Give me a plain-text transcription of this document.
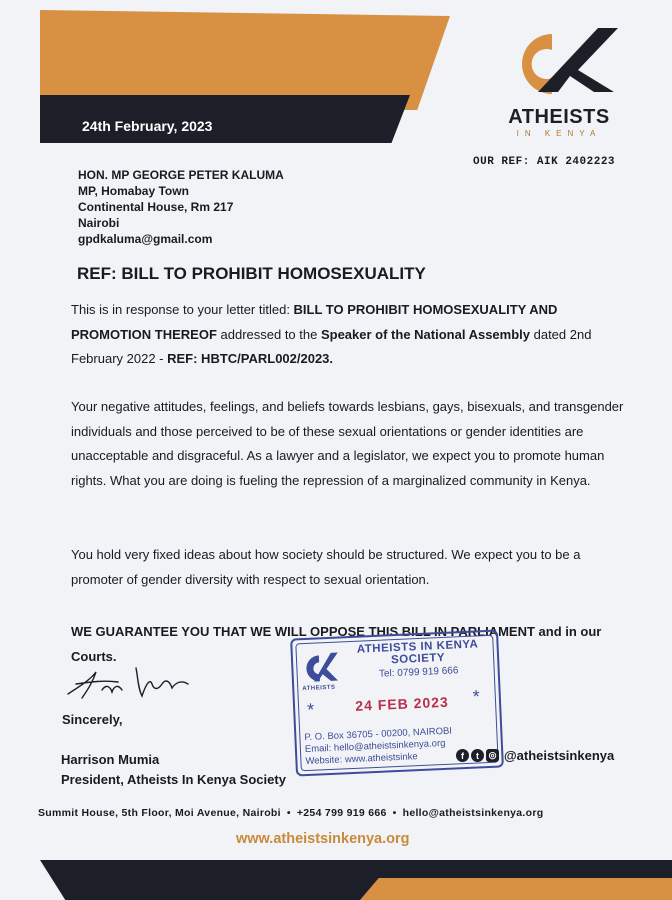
24th February, 2023	ATHEISTS
IN KENYA
OUR REF: AIK 2402223
HON. MP GEORGE PETER KALUMA
MP, Homabay Town
Continental House, Rm 217
Nairobi
gpdkaluma@gmail.com
REF: BILL TO PROHIBIT HOMOSEXUALITY

This is in response to your letter titled: BILL TO PROHIBIT HOMOSEXUALITY AND PROMOTION THEREOF addressed to the Speaker of the National Assembly dated 2nd February 2022 - REF: HBTC/PARL002/2023.

Your negative attitudes, feelings, and beliefs towards lesbians, gays, bisexuals, and transgender individuals and those perceived to be of these sexual orientations or gender identities are unacceptable and disgraceful. As a lawyer and a legislator, we expect you to promote human rights. What you are doing is fueling the repression of a marginalized community in Kenya.

You hold very fixed ideas about how society should be structured. We expect you to be a promoter of gender diversity with respect to sexual orientation.

WE GUARANTEE YOU THAT WE WILL OPPOSE THIS BILL IN PARLIAMENT and in our Courts.

Sincerely,
Harrison Mumia
President, Atheists In Kenya Society
ATHEISTS
ATHEISTS IN KENYA SOCIETY
Tel: 0799 919 666
*	24 FEB 2023	*
P. O. Box 36705 - 00200, NAIROBI
Email: hello@atheistsinkenya.org
Website: www.atheistsinke	f	t	◎ @atheistsinkenya
Summit House, 5th Floor, Moi Avenue, Nairobi • +254 799 919 666 • hello@atheistsinkenya.org
www.atheistsinkenya.org
